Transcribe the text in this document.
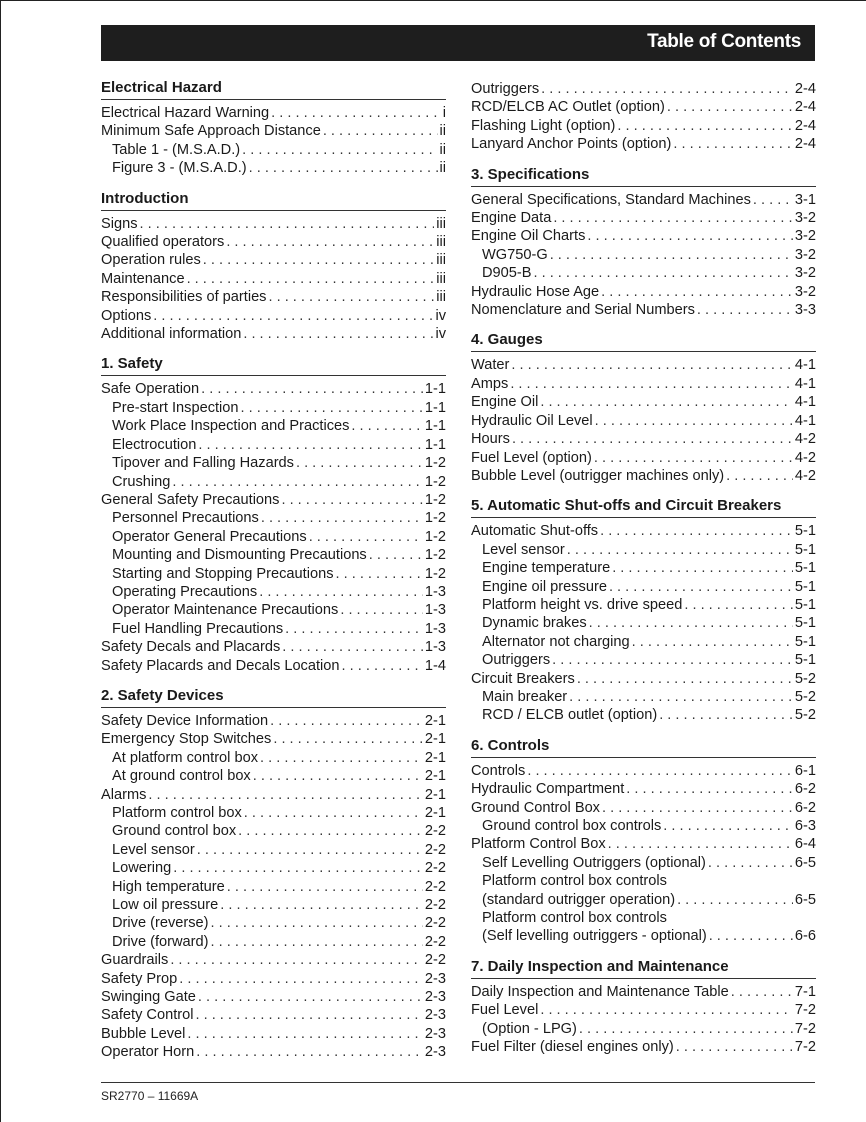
Table of Contents
Electrical Hazard
Electrical Hazard Warning . . .	i
Minimum Safe Approach Distance . . .	ii
Table 1 - (M.S.A.D.) . . .	ii
Figure 3 - (M.S.A.D.) . . .	ii
Introduction
Signs . . .	iii
Qualified operators . . .	iii
Operation rules . . .	iii
Maintenance . . .	iii
Responsibilities of parties . . .	iii
Options . . .	iv
Additional information . . .	iv
1. Safety
Safe Operation . . .	1-1
Pre-start Inspection . . .	1-1
Work Place Inspection and Practices . . .	1-1
Electrocution . . .	1-1
Tipover and Falling Hazards . . .	1-2
Crushing . . .	1-2
General Safety Precautions . . .	1-2
Personnel Precautions . . .	1-2
Operator General Precautions . . .	1-2
Mounting and Dismounting Precautions . . .	1-2
Starting and Stopping Precautions . . .	1-2
Operating Precautions . . .	1-3
Operator Maintenance Precautions . . .	1-3
Fuel Handling Precautions . . .	1-3
Safety Decals and Placards . . .	1-3
Safety Placards and Decals Location . . .	1-4
2. Safety Devices
Safety Device Information . . .	2-1
Emergency Stop Switches . . .	2-1
At platform control box . . .	2-1
At ground control box . . .	2-1
Alarms . . .	2-1
Platform control box . . .	2-1
Ground control box . . .	2-2
Level sensor . . .	2-2
Lowering . . .	2-2
High temperature . . .	2-2
Low oil pressure . . .	2-2
Drive (reverse) . . .	2-2
Drive (forward) . . .	2-2
Guardrails . . .	2-2
Safety Prop . . .	2-3
Swinging Gate . . .	2-3
Safety Control . . .	2-3
Bubble Level . . .	2-3
Operator Horn . . .	2-3
Outriggers . . .	2-4
RCD/ELCB AC Outlet (option) . . .	2-4
Flashing Light (option) . . .	2-4
Lanyard Anchor Points (option) . . .	2-4
3. Specifications
General Specifications, Standard Machines . . .	3-1
Engine Data . . .	3-2
Engine Oil Charts . . .	3-2
WG750-G . . .	3-2
D905-B . . .	3-2
Hydraulic Hose Age . . .	3-2
Nomenclature and Serial Numbers . . .	3-3
4. Gauges
Water . . .	4-1
Amps . . .	4-1
Engine Oil . . .	4-1
Hydraulic Oil Level . . .	4-1
Hours . . .	4-2
Fuel Level (option) . . .	4-2
Bubble Level (outrigger machines only) . . .	4-2
5. Automatic Shut-offs and Circuit Breakers
Automatic Shut-offs . . .	5-1
Level sensor . . .	5-1
Engine temperature . . .	5-1
Engine oil pressure . . .	5-1
Platform height vs. drive speed . . .	5-1
Dynamic brakes . . .	5-1
Alternator not charging . . .	5-1
Outriggers . . .	5-1
Circuit Breakers . . .	5-2
Main breaker . . .	5-2
RCD / ELCB outlet (option) . . .	5-2
6. Controls
Controls . . .	6-1
Hydraulic Compartment . . .	6-2
Ground Control Box . . .	6-2
Ground control box controls . . .	6-3
Platform Control Box . . .	6-4
Self Levelling Outriggers (optional) . . .	6-5
Platform control box controls
(standard outrigger operation) . . .	6-5
Platform control box controls
(Self levelling outriggers - optional) . . .	6-6
7. Daily Inspection and Maintenance
Daily Inspection and Maintenance Table . . .	7-1
Fuel Level . . .	7-2
(Option - LPG) . . .	7-2
Fuel Filter (diesel engines only) . . .	7-2
SR2770 – 11669A
